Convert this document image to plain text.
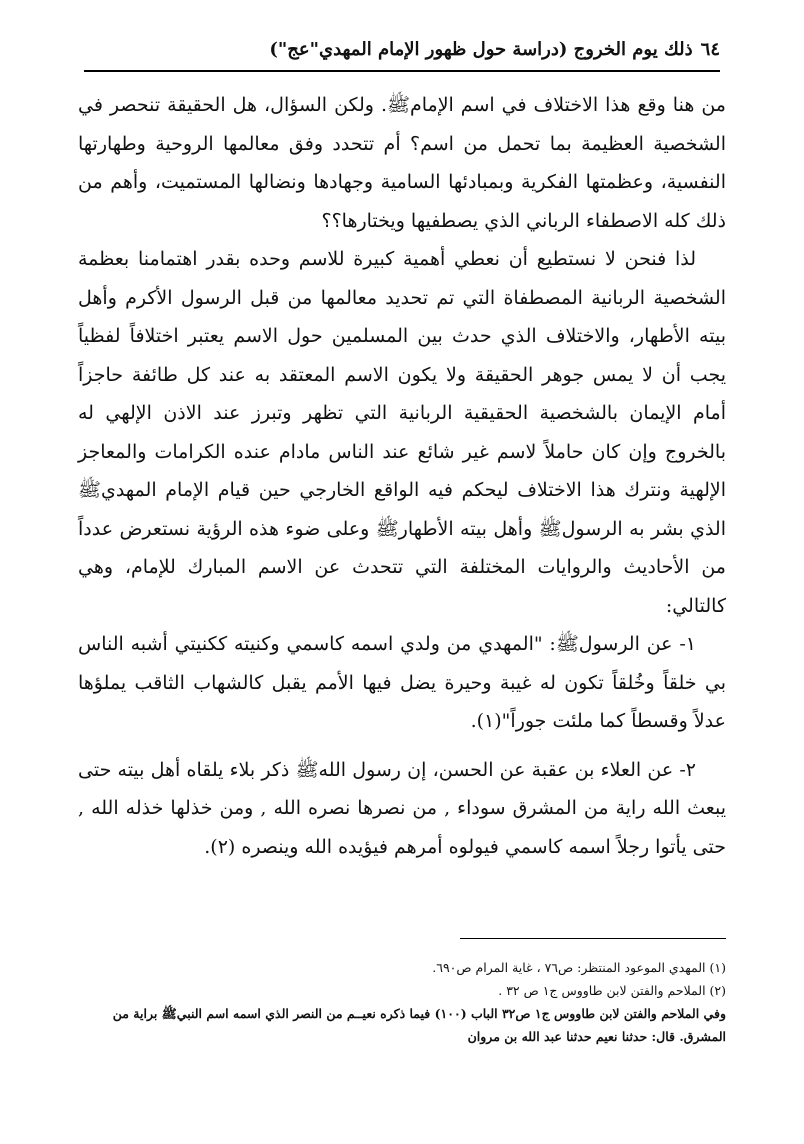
٦٤
ذلك يوم الخروج (دراسة حول ظهور الإمام المهدي"عج")

من هنا وقع هذا الاختلاف في اسم الإمامﷺ. ولكن السؤال، هل الحقيقة تنحصر في الشخصية العظيمة بما تحمل من اسم؟ أم تتحدد وفق معالمها الروحية وطهارتها النفسية، وعظمتها الفكرية وبمبادئها السامية وجهادها ونضالها المستميت، وأهم من ذلك كله الاصطفاء الرباني الذي يصطفيها ويختارها؟؟

لذا فنحن لا نستطيع أن نعطي أهمية كبيرة للاسم وحده بقدر اهتمامنا بعظمة الشخصية الربانية المصطفاة التي تم تحديد معالمها من قبل الرسول الأكرم وأهل بيته الأطهار، والاختلاف الذي حدث بين المسلمين حول الاسم يعتبر اختلافاً لفظياً يجب أن لا يمس جوهر الحقيقة ولا يكون الاسم المعتقد به عند كل طائفة حاجزاً أمام الإيمان بالشخصية الحقيقية الربانية التي تظهر وتبرز عند الاذن الإلهي له بالخروج وإن كان حاملاً لاسم غير شائع عند الناس مادام عنده الكرامات والمعاجز الإلهية ونترك هذا الاختلاف ليحكم فيه الواقع الخارجي حين قيام الإمام المهديﷺ الذي بشر به الرسولﷺ وأهل بيته الأطهارﷺ وعلى ضوء هذه الرؤية نستعرض عدداً من الأحاديث والروايات المختلفة التي تتحدث عن الاسم المبارك للإمام، وهي كالتالي:

١- عن الرسولﷺ: "المهدي من ولدي اسمه كاسمي وكنيته ككنيتي أشبه الناس بي خلقاً وخُلقاً تكون له غيبة وحيرة يضل فيها الأمم يقبل كالشهاب الثاقب يملؤها عدلاً وقسطاً كما ملئت جوراً"(١).

٢- عن العلاء بن عقبة عن الحسن، إن رسول اللهﷺ ذكر بلاء يلقاه أهل بيته حتى يبعث الله راية من المشرق سوداء , من نصرها نصره الله , ومن خذلها خذله الله , حتى يأتوا رجلاً اسمه كاسمي فيولوه أمرهم فيؤيده الله وينصره (٢).

(١) المهدي الموعود المنتظر: ص٧٦ ، غاية المرام ص٦٩٠.

(٢) الملاحم والفتن لابن طاووس ج١ ص ٣٢ .

وفي الملاحم والفتن لابن طاووس ج١ ص٣٢ الباب (١٠٠) فيما ذكره نعيــم من النصر الذي اسمه اسم النبيﷺ براية من المشرق. قال: حدثنا نعيم حدثنا عبد الله بن مروان
